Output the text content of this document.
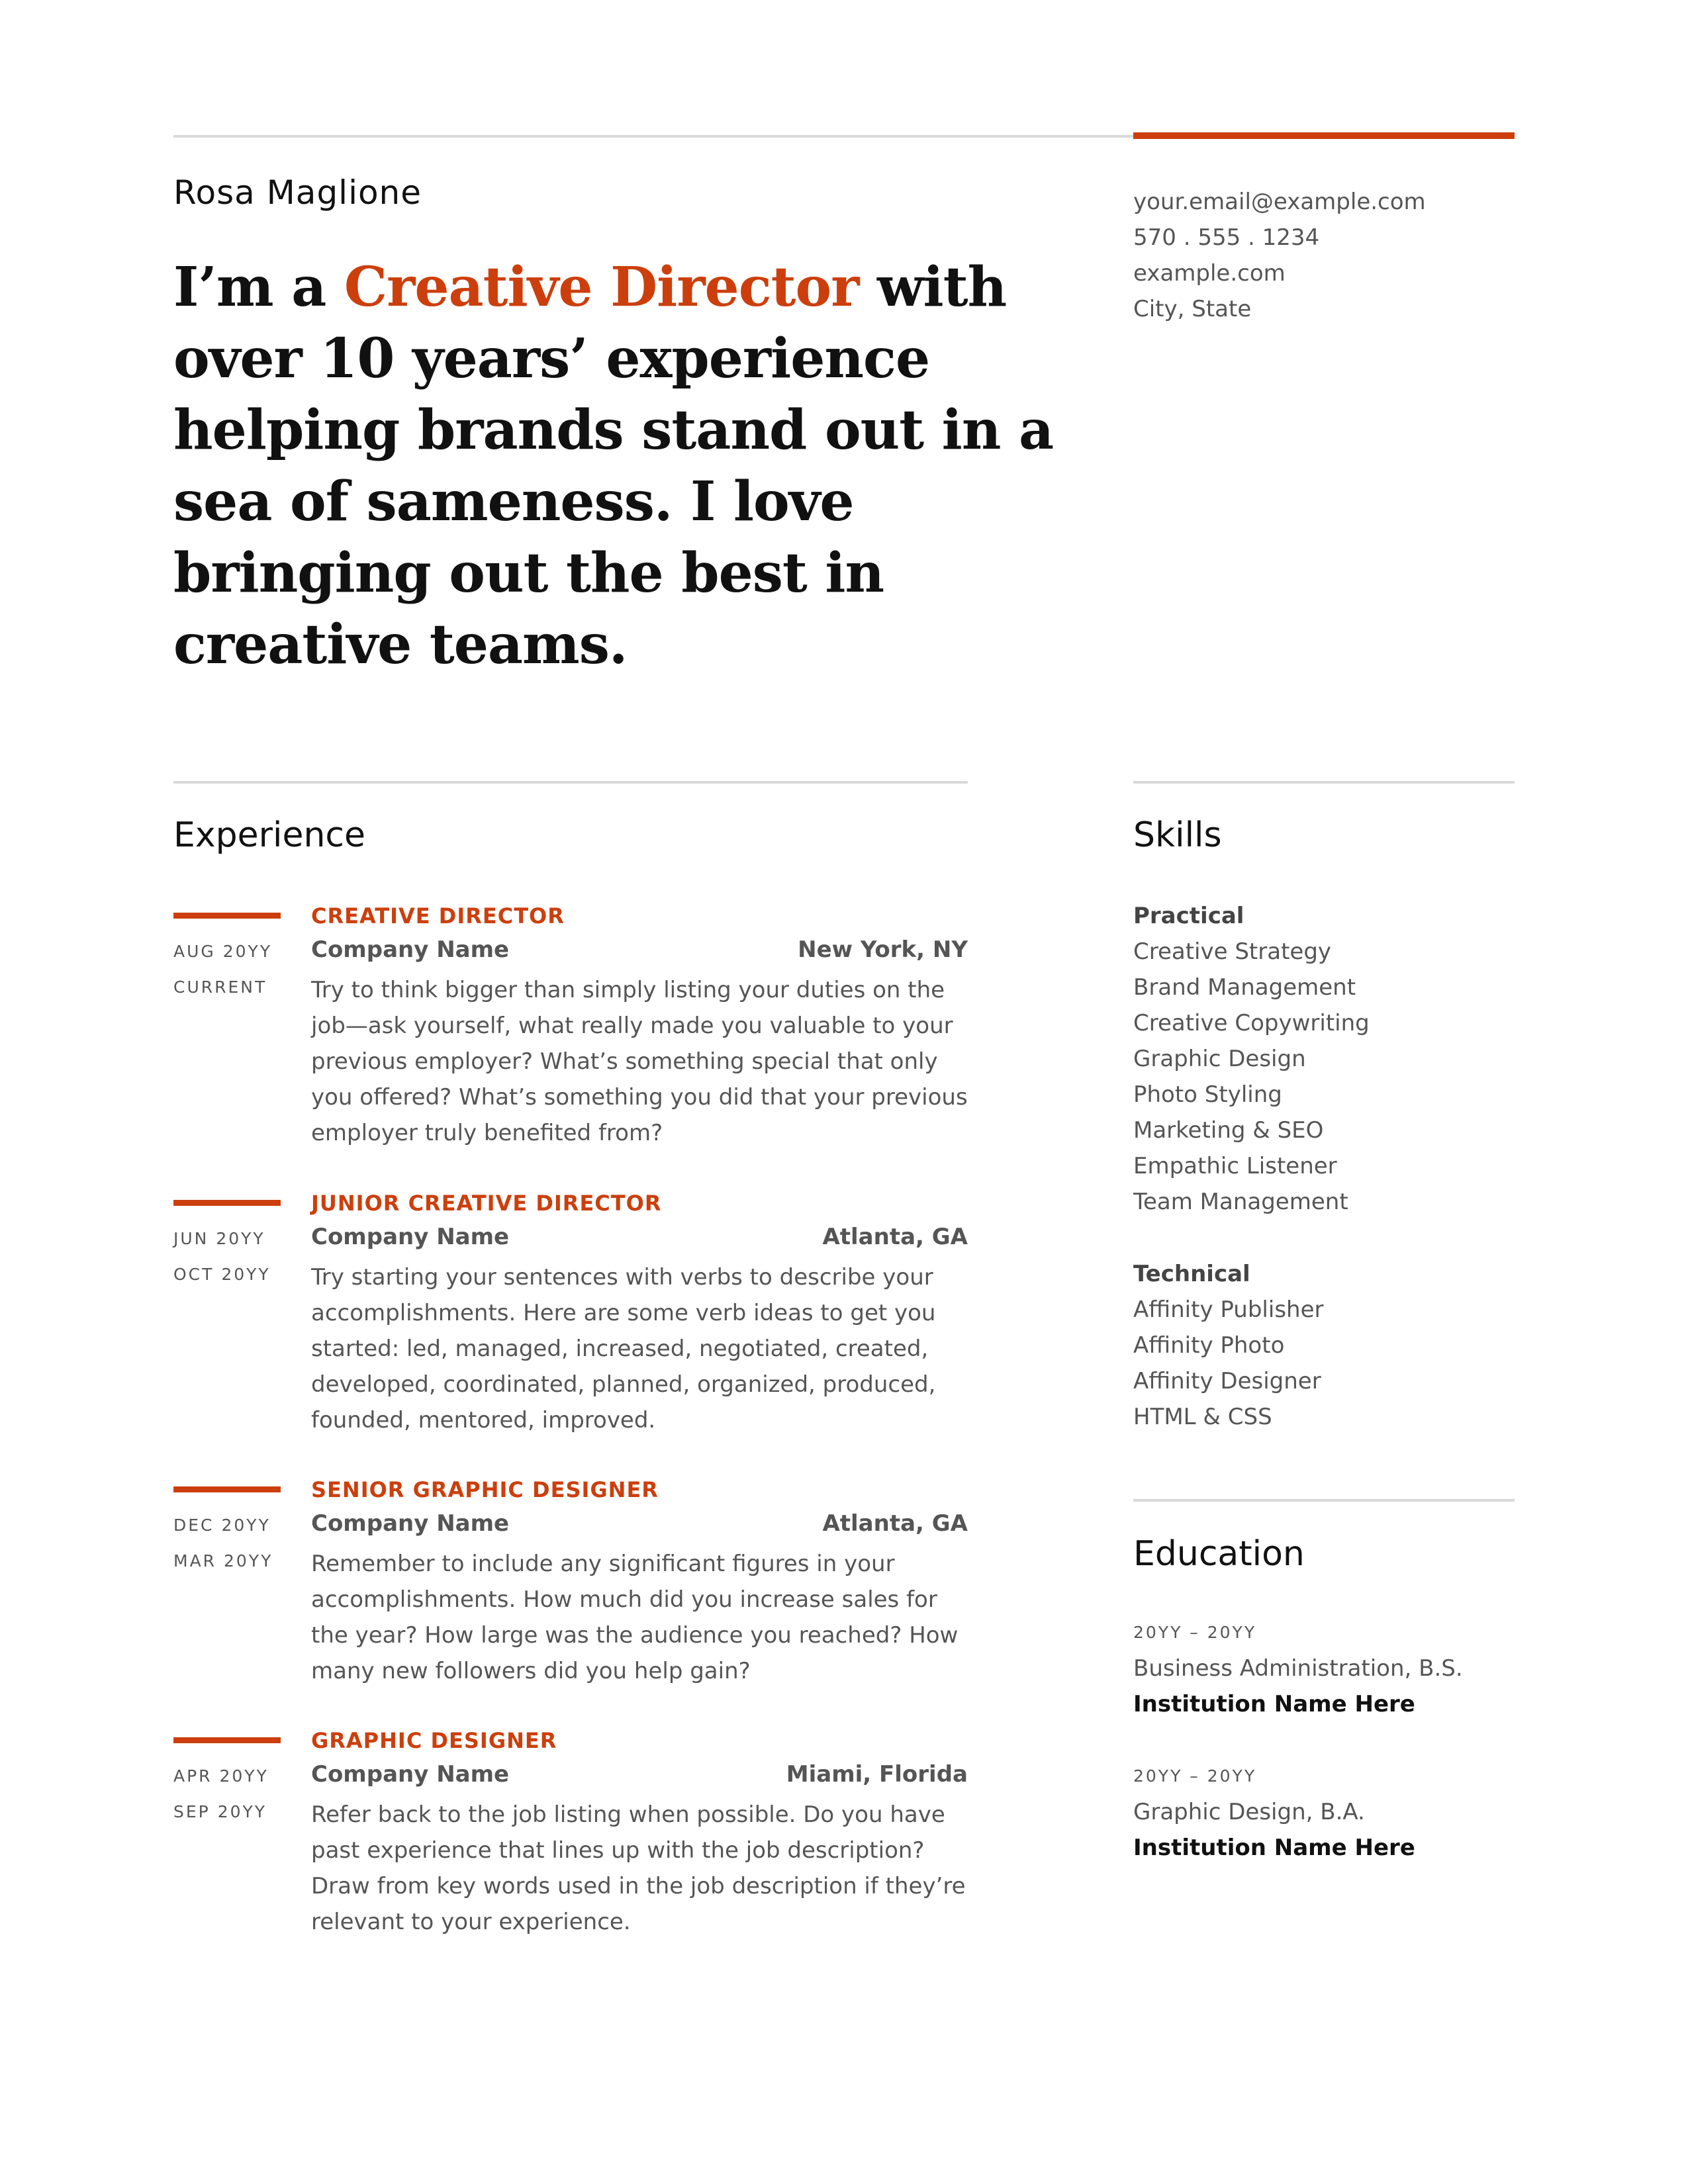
Rosa Maglione
I’m a Creative Director with over 10 years’ experience helping brands stand out in a sea of sameness. I love bringing out the best in creative teams.
your.email@example.com
570 . 555 . 1234
example.com
City, State
Experience
CREATIVE DIRECTOR
AUG 20YY
CURRENT
Company Name	New York, NY
Try to think bigger than simply listing your duties on the job—ask yourself, what really made you valuable to your previous employer? What’s something special that only you offered? What’s something you did that your previous employer truly benefited from?
JUNIOR CREATIVE DIRECTOR
JUN 20YY
OCT 20YY
Company Name	Atlanta, GA
Try starting your sentences with verbs to describe your accomplishments. Here are some verb ideas to get you started: led, managed, increased, negotiated, created, developed, coordinated, planned, organized, produced, founded, mentored, improved.
SENIOR GRAPHIC DESIGNER
DEC 20YY
MAR 20YY
Company Name	Atlanta, GA
Remember to include any significant figures in your accomplishments. How much did you increase sales for the year? How large was the audience you reached? How many new followers did you help gain?
GRAPHIC DESIGNER
APR 20YY
SEP 20YY
Company Name	Miami, Florida
Refer back to the job listing when possible. Do you have past experience that lines up with the job description? Draw from key words used in the job description if they’re relevant to your experience.
Skills
Practical
Creative Strategy
Brand Management
Creative Copywriting
Graphic Design
Photo Styling
Marketing & SEO
Empathic Listener
Team Management
Technical
Affinity Publisher
Affinity Photo
Affinity Designer
HTML & CSS
Education
20YY – 20YY
Business Administration, B.S.
Institution Name Here
20YY – 20YY
Graphic Design, B.A.
Institution Name Here
